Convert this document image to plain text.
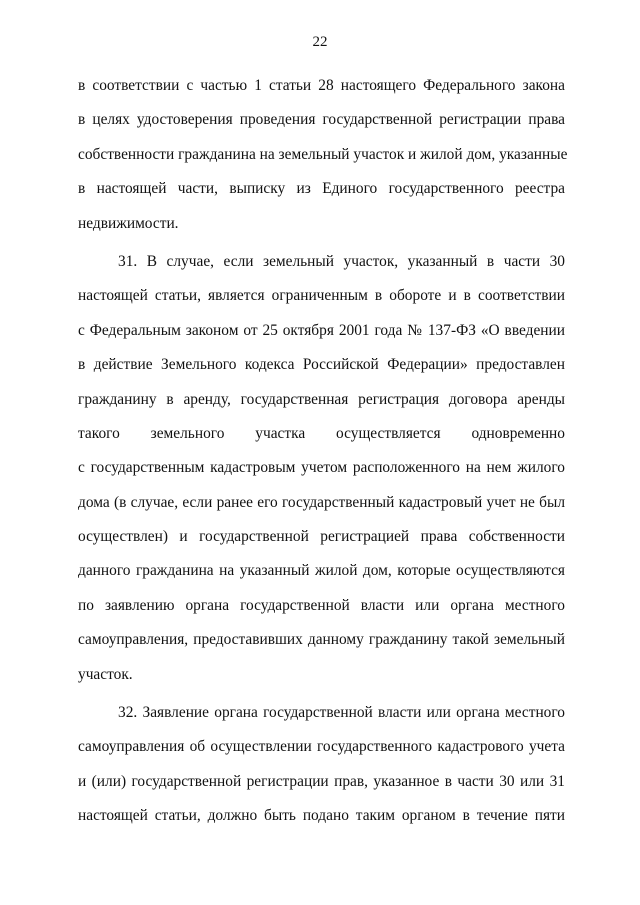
22
в соответствии с частью 1 статьи 28 настоящего Федерального закона
в целях удостоверения проведения государственной регистрации права
собственности гражданина на земельный участок и жилой дом, указанные
в настоящей части, выписку из Единого государственного реестра
недвижимости.
31. В случае, если земельный участок, указанный в части 30
настоящей статьи, является ограниченным в обороте и в соответствии
с Федеральным законом от 25 октября 2001 года № 137-ФЗ «О введении
в действие Земельного кодекса Российской Федерации» предоставлен
гражданину в аренду, государственная регистрация договора аренды
такого земельного участка осуществляется одновременно
с государственным кадастровым учетом расположенного на нем жилого
дома (в случае, если ранее его государственный кадастровый учет не был
осуществлен) и государственной регистрацией права собственности
данного гражданина на указанный жилой дом, которые осуществляются
по заявлению органа государственной власти или органа местного
самоуправления, предоставивших данному гражданину такой земельный
участок.
32. Заявление органа государственной власти или органа местного
самоуправления об осуществлении государственного кадастрового учета
и (или) государственной регистрации прав, указанное в части 30 или 31
настоящей статьи, должно быть подано таким органом в течение пяти
